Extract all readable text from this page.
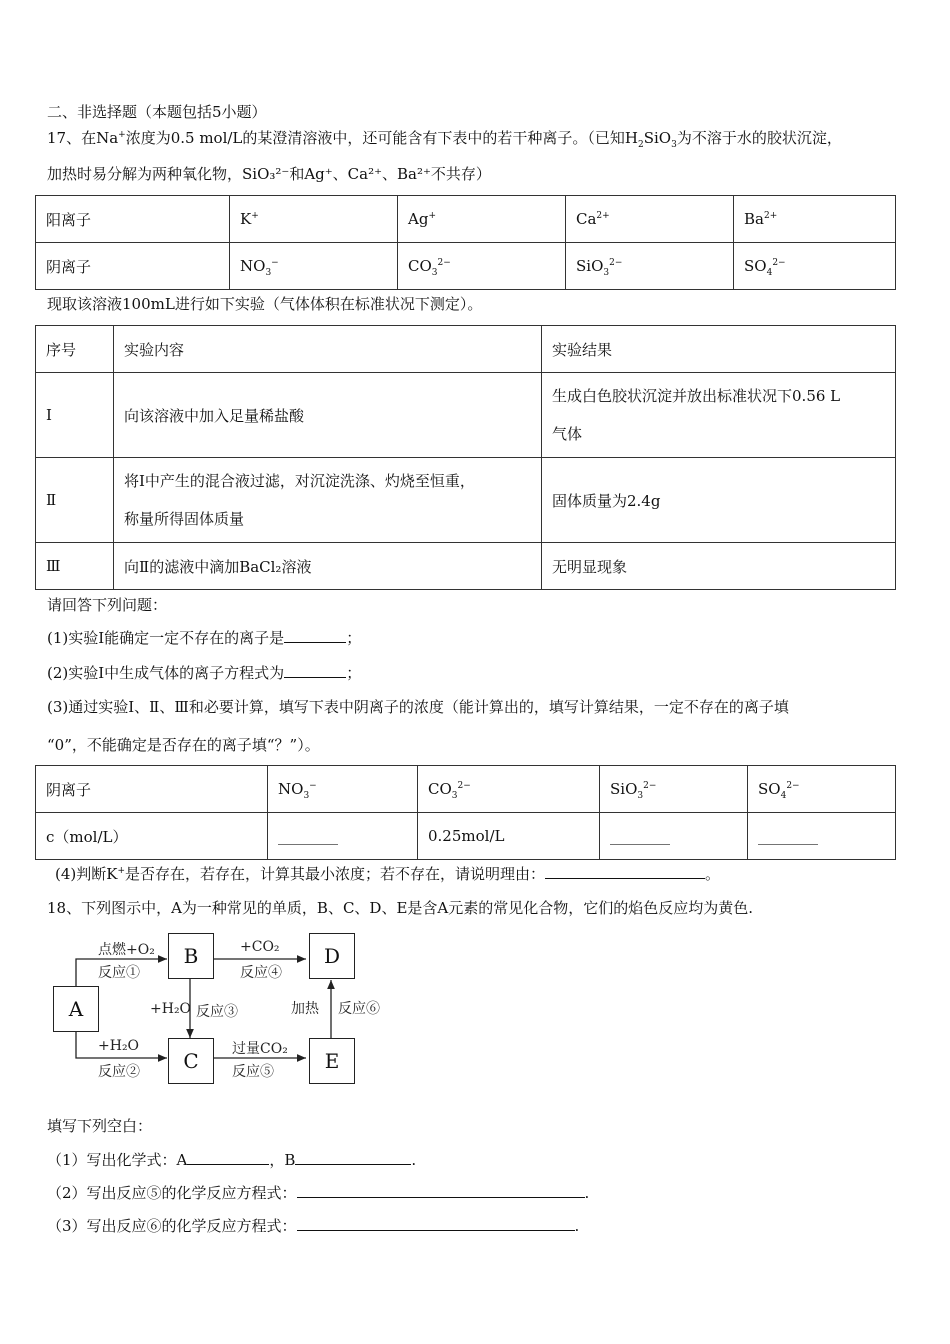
二、非选择题（本题包括5小题）
17、在Na+浓度为0.5 mol/L的某澄清溶液中，还可能含有下表中的若干种离子。（已知$H_2SiO_3$为不溶于水的胶状沉淀，
加热时易分解为两种氧化物，SiO₃²⁻和Ag⁺、Ca²⁺、Ba²⁺不共存）
阳离子	K+	Ag+	$Ca^{2+}$	$Ba^{2+}$
阴离子	$NO_3^-$	$CO_3^{2-}$	SiO$_3^{2-}$	$SO_4^{2-}$
现取该溶液100mL进行如下实验（气体体积在标准状况下测定）。
序号	实验内容	实验结果
Ⅰ	向该溶液中加入足量稀盐酸	生成白色胶状沉淀并放出标准状况下0.56 L
气体

Ⅱ	将Ⅰ中产生的混合液过滤，对沉淀洗涤、灼烧至恒重，
称量所得固体质量	固体质量为2.4g
Ⅲ	向Ⅱ的滤液中滴加BaCl₂溶液	无明显现象
请回答下列问题：
(1)实验Ⅰ能确定一定不存在的离子是	；
(2)实验Ⅰ中生成气体的离子方程式为	；
(3)通过实验Ⅰ、Ⅱ、Ⅲ和必要计算，填写下表中阴离子的浓度（能计算出的，填写计算结果，一定不存在的离子填
“0”，不能确定是否存在的离子填“？”）。
阴离子	$NO_3^-$	$CO_3^{2-}$	SiO$_3^{2-}$	$SO_4^{2-}$
c（mol/L）	________	0.25mol/L	________	________
(4)判断K+是否存在，若存在，计算其最小浓度；若不存在，请说明理由：	。
18、下列图示中，A为一种常见的单质，B、C、D、E是含A元素的常见化合物，它们的焰色反应均为黄色.
A
B
C
D
E
点燃+O₂
反应①
+H₂O
反应②
+H₂O 反应③
+CO₂
反应④
过量CO₂
反应⑤
加热 反应⑥
填写下列空白：
（1）写出化学式：A	，B	.
（2）写出反应⑤的化学反应方程式：	.
（3）写出反应⑥的化学反应方程式：	.
